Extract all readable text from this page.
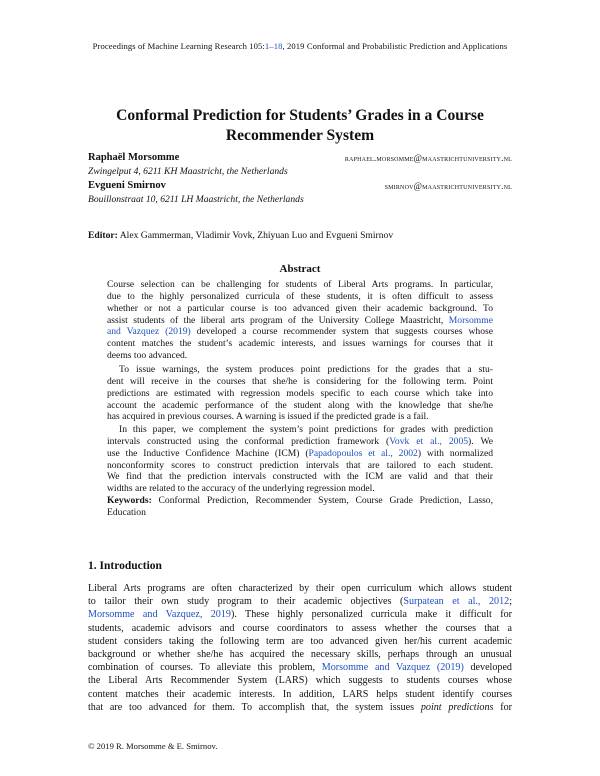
Proceedings of Machine Learning Research 105:1–18, 2019 Conformal and Probabilistic Prediction and Applications
Conformal Prediction for Students’ Grades in a Course
Recommender System
Raphaël Morsomme	raphael.morsomme@maastrichtuniversity.nl
Zwingelput 4, 6211 KH Maastricht, the Netherlands
Evgueni Smirnov	smirnov@maastrichtuniversity.nl
Bouillonstraat 10, 6211 LH Maastricht, the Netherlands
Editor: Alex Gammerman, Vladimir Vovk, Zhiyuan Luo and Evgueni Smirnov
Abstract
Course selection can be challenging for students of Liberal Arts programs. In particular,
due to the highly personalized curricula of these students, it is often difficult to assess
whether or not a particular course is too advanced given their academic background. To
assist students of the liberal arts program of the University College Maastricht, Morsomme
and Vazquez (2019) developed a course recommender system that suggests courses whose
content matches the student’s academic interests, and issues warnings for courses that it
deems too advanced.
To issue warnings, the system produces point predictions for the grades that a stu-
dent will receive in the courses that she/he is considering for the following term. Point
predictions are estimated with regression models specific to each course which take into
account the academic performance of the student along with the knowledge that she/he
has acquired in previous courses. A warning is issued if the predicted grade is a fail.
In this paper, we complement the system’s point predictions for grades with prediction
intervals constructed using the conformal prediction framework (Vovk et al., 2005). We
use the Inductive Confidence Machine (ICM) (Papadopoulos et al., 2002) with normalized
nonconformity scores to construct prediction intervals that are tailored to each student.
We find that the prediction intervals constructed with the ICM are valid and that their
widths are related to the accuracy of the underlying regression model.
Keywords: Conformal Prediction, Recommender System, Course Grade Prediction, Lasso,
Education
1. Introduction
Liberal Arts programs are often characterized by their open curriculum which allows student
to tailor their own study program to their academic objectives (Surpatean et al., 2012;
Morsomme and Vazquez, 2019). These highly personalized curricula make it difficult for
students, academic advisors and course coordinators to assess whether the courses that a
student considers taking the following term are too advanced given her/his current academic
background or whether she/he has acquired the necessary skills, perhaps through an unusual
combination of courses. To alleviate this problem, Morsomme and Vazquez (2019) developed
the Liberal Arts Recommender System (LARS) which suggests to students courses whose
content matches their academic interests. In addition, LARS helps student identify courses
that are too advanced for them. To accomplish that, the system issues point predictions for
© 2019 R. Morsomme & E. Smirnov.
